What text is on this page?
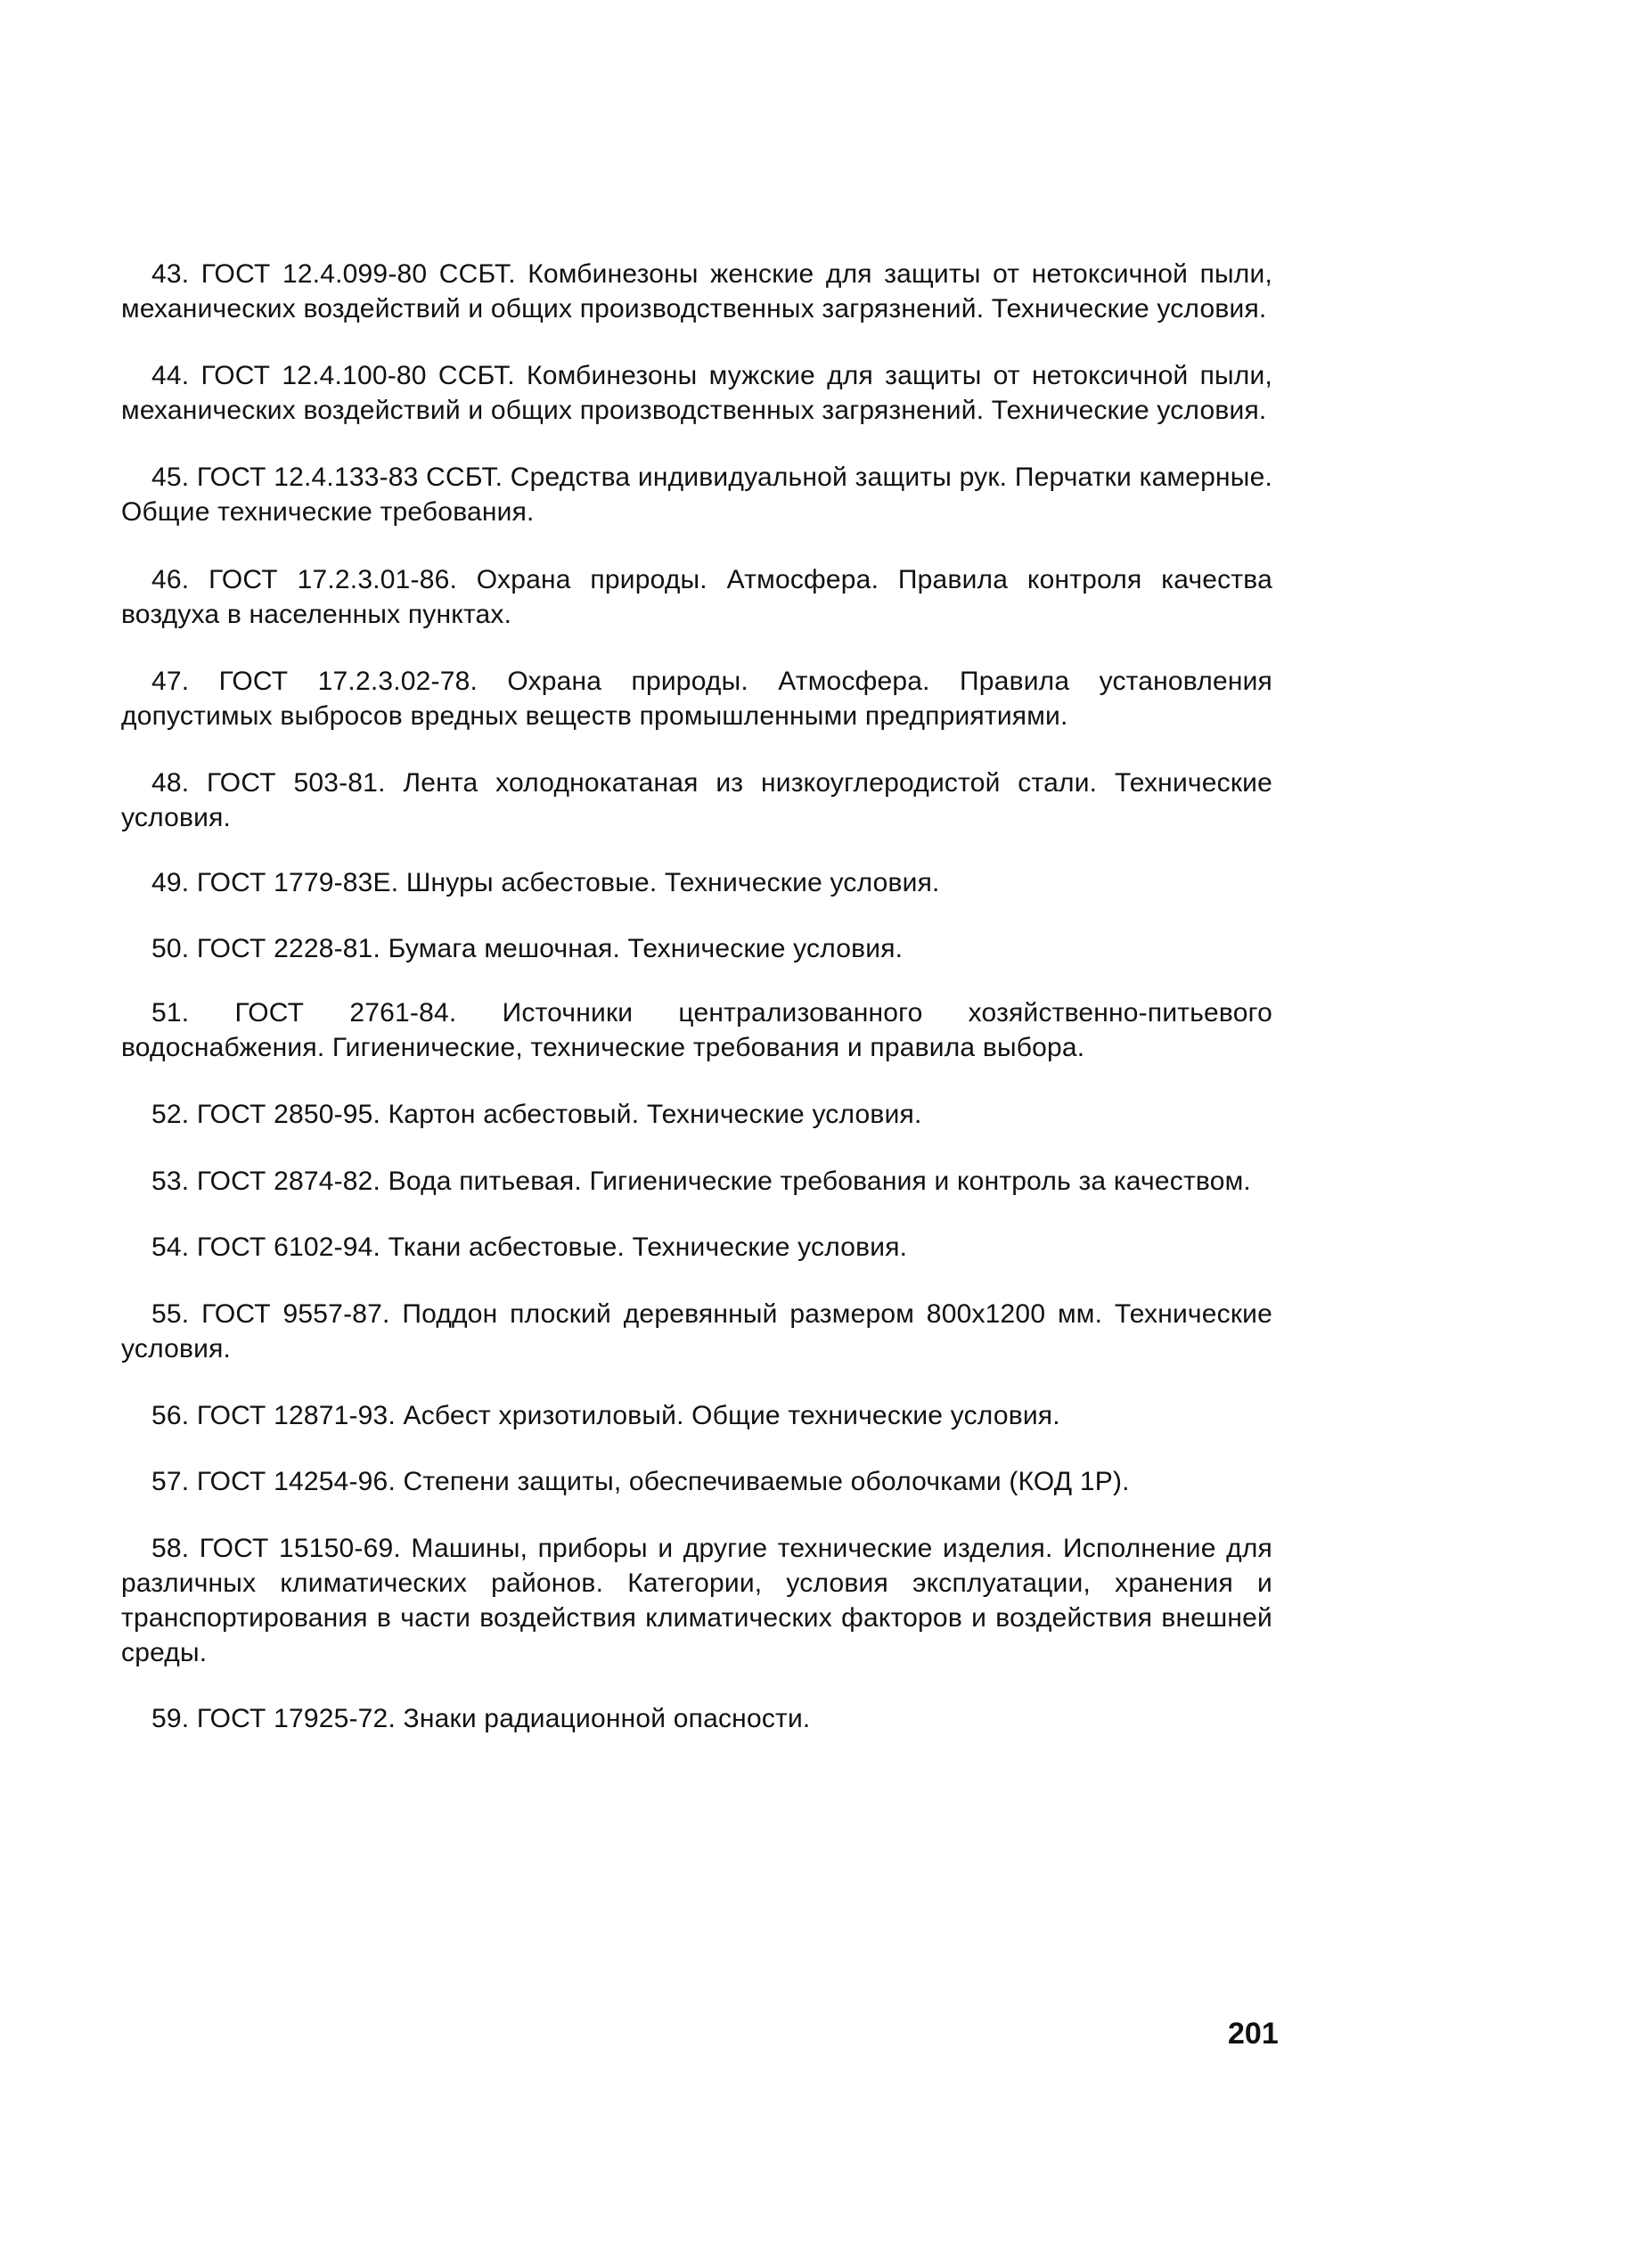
43. ГОСТ 12.4.099-80 ССБТ. Комбинезоны женские для защиты от нетоксичной пыли, механических воздействий и общих производственных загрязнений. Технические условия.
44. ГОСТ 12.4.100-80 ССБТ. Комбинезоны мужские для защиты от нетоксичной пыли, механических воздействий и общих производственных загрязнений. Технические условия.
45. ГОСТ 12.4.133-83 ССБТ. Средства индивидуальной защиты рук. Перчатки камерные. Общие технические требования.
46. ГОСТ 17.2.3.01-86. Охрана природы. Атмосфера. Правила контроля качества воздуха в населенных пунктах.
47. ГОСТ 17.2.3.02-78. Охрана природы. Атмосфера. Правила установления допустимых выбросов вредных веществ промышленными предприятиями.
48. ГОСТ 503-81. Лента холоднокатаная из низкоуглеродистой стали. Технические условия.
49. ГОСТ 1779-83Е. Шнуры асбестовые. Технические условия.
50. ГОСТ 2228-81. Бумага мешочная. Технические условия.
51. ГОСТ 2761-84. Источники централизованного хозяйственно-питьевого водоснабжения. Гигиенические, технические требования и правила выбора.
52. ГОСТ 2850-95. Картон асбестовый. Технические условия.
53. ГОСТ 2874-82. Вода питьевая. Гигиенические требования и контроль за качеством.
54. ГОСТ 6102-94. Ткани асбестовые. Технические условия.
55. ГОСТ 9557-87. Поддон плоский деревянный размером 800х1200 мм. Технические условия.
56. ГОСТ 12871-93. Асбест хризотиловый. Общие технические условия.
57. ГОСТ 14254-96. Степени защиты, обеспечиваемые оболочками (КОД 1Р).
58. ГОСТ 15150-69. Машины, приборы и другие технические изделия. Исполнение для различных климатических районов. Категории, условия эксплуатации, хранения и транспортирования в части воздействия климатических факторов и воздействия внешней среды.
59. ГОСТ 17925-72. Знаки радиационной опасности.
201
